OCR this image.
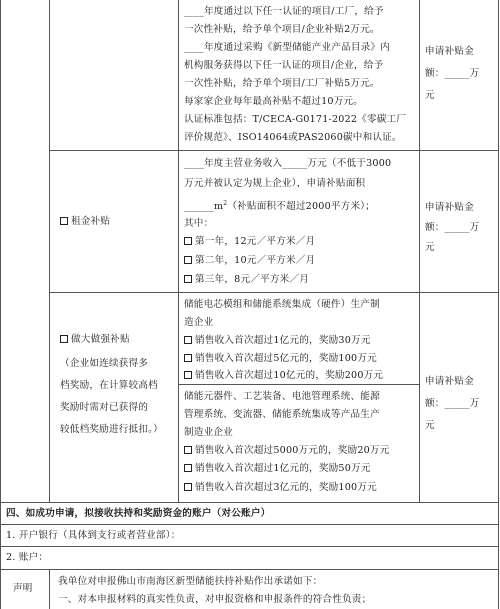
____年度通过以下任一认证的项目/工厂，给予
一次性补贴，给予单个项目/企业补贴2万元。
____年度通过采购《新型储能产业产品目录》内
机构服务获得以下任一认证的项目/企业，给予
一次性补贴，给予单个项目/工厂补贴5万元。
每家家企业每年最高补贴不超过10万元。
认证标准包括：T/CECA-G0171-2022《零碳工厂
评价规范》、ISO14064或PAS2060碳中和认证。
申请补贴金
额：_____万
元
租金补贴
____年度主营业务收入_____万元（不低于3000
万元并被认定为规上企业），申请补贴面积
$\_\_\_\_\_\_m^2$（补贴面积不超过2000平方米）；
其中：
第一年，12元／平方米／月
第二年，10元／平方米／月
第三年，8元／平方米／月
申请补贴金
额：_____万
元
做大做强补贴
（企业如连续获得多
档奖励，在计算较高档
奖励时需对已获得的
较低档奖励进行抵扣。）
储能电芯模组和储能系统集成（硬件）生产制
造企业
销售收入首次超过1亿元的，奖励30万元
销售收入首次超过5亿元的，奖励100万元
销售收入首次超过10亿元的，奖励200万元
储能元器件、工艺装备、电池管理系统、能源
管理系统、变流器、储能系统集成等产品生产
制造业企业
销售收入首次超过5000万元的，奖励20万元
销售收入首次超过1亿元的，奖励50万元
销售收入首次超过3亿元的，奖励100万元
申请补贴金
额：_____万
元
四、如成功申请，拟接收扶持和奖励资金的账户（对公账户）
1. 开户银行（具体到支行或者营业部）：
2. 账户：
声明
我单位对申报佛山市南海区新型储能扶持补贴作出承诺如下：
一、对本申报材料的真实性负责，对申报资格和申报条件的符合性负责；
